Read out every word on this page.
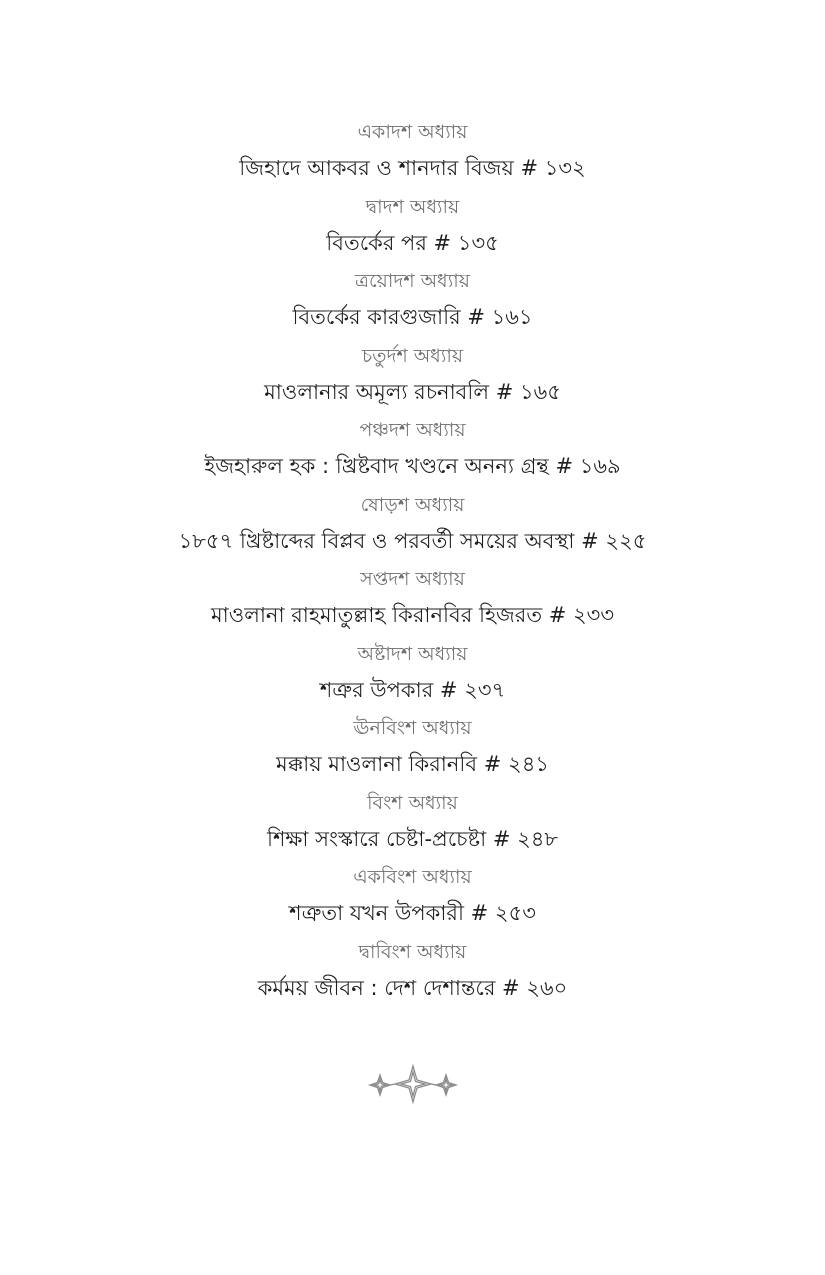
একাদশ অধ্যায়
জিহাদে আকবর ও শানদার বিজয় # ১৩২
দ্বাদশ অধ্যায়
বিতর্কের পর # ১৩৫
ত্রয়োদশ অধ্যায়
বিতর্কের কারগুজারি # ১৬১
চতুর্দশ অধ্যায়
মাওলানার অমূল্য রচনাবলি # ১৬৫
পঞ্চদশ অধ্যায়
ইজহারুল হক : খ্রিষ্টবাদ খণ্ডনে অনন্য গ্রন্থ # ১৬৯
ষোড়শ অধ্যায়
১৮৫৭ খ্রিষ্টাব্দের বিপ্লব ও পরবর্তী সময়ের অবস্থা # ২২৫
সপ্তদশ অধ্যায়
মাওলানা রাহমাতুল্লাহ কিরানবির হিজরত # ২৩৩
অষ্টাদশ অধ্যায়
শত্রুর উপকার # ২৩৭
ঊনবিংশ অধ্যায়
মক্কায় মাওলানা কিরানবি # ২৪১
বিংশ অধ্যায়
শিক্ষা সংস্কারে চেষ্টা-প্রচেষ্টা # ২৪৮
একবিংশ অধ্যায়
শত্রুতা যখন উপকারী # ২৫৩
দ্বাবিংশ অধ্যায়
কর্মময় জীবন : দেশ দেশান্তরে # ২৬০
